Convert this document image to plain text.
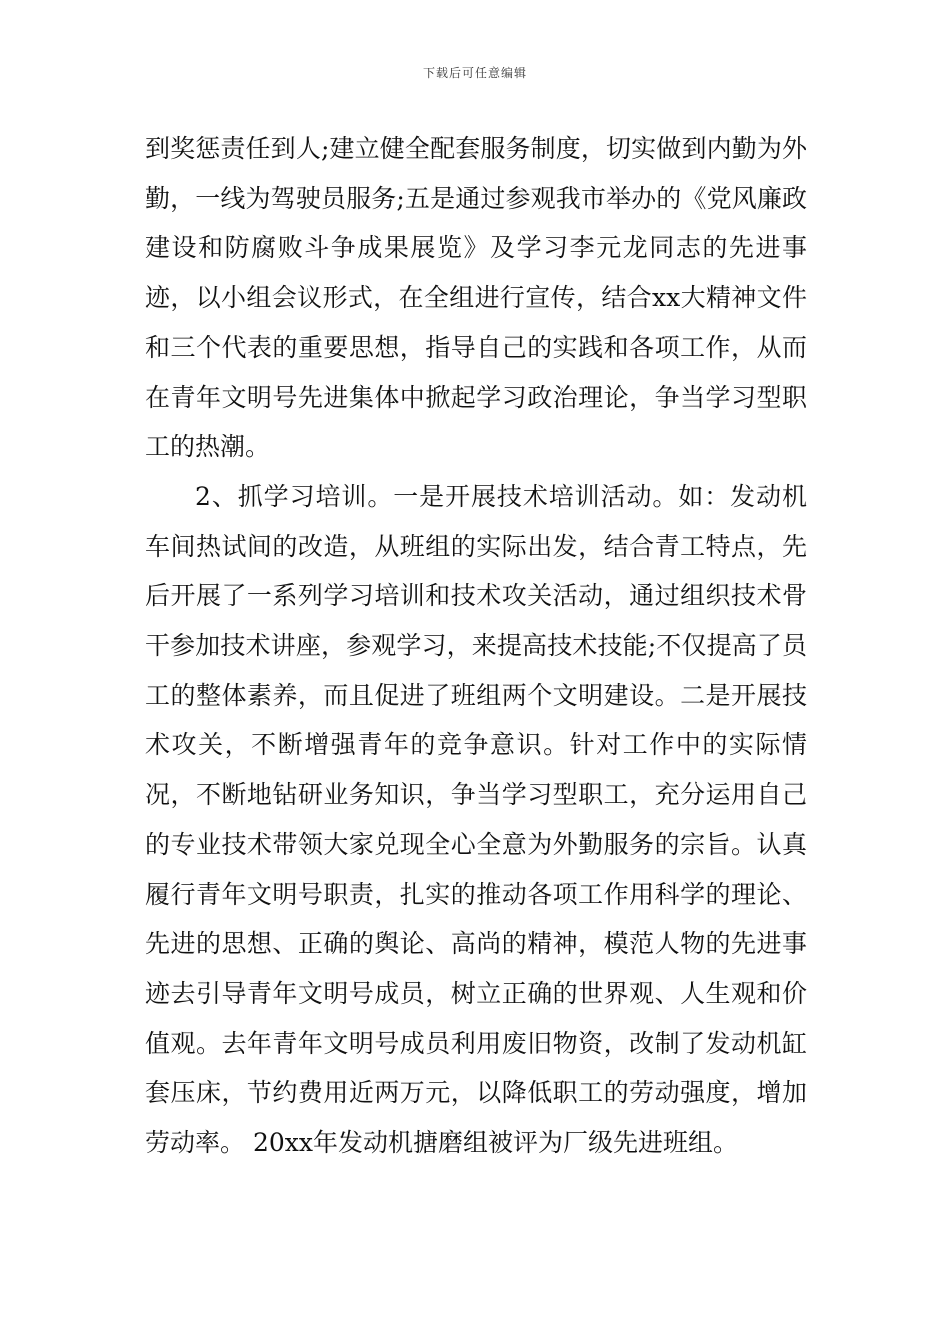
下载后可任意编辑

到奖惩责任到人;建立健全配套服务制度，切实做到内勤为外勤，一线为驾驶员服务;五是通过参观我市举办的《党风廉政建设和防腐败斗争成果展览》及学习李元龙同志的先进事迹，以小组会议形式，在全组进行宣传，结合xx大精神文件和三个代表的重要思想，指导自己的实践和各项工作，从而在青年文明号先进集体中掀起学习政治理论，争当学习型职工的热潮。

2、抓学习培训。一是开展技术培训活动。如：发动机车间热试间的改造，从班组的实际出发，结合青工特点，先后开展了一系列学习培训和技术攻关活动，通过组织技术骨干参加技术讲座，参观学习，来提高技术技能;不仅提高了员工的整体素养，而且促进了班组两个文明建设。二是开展技术攻关，不断增强青年的竞争意识。针对工作中的实际情况，不断地钻研业务知识，争当学习型职工，充分运用自己的专业技术带领大家兑现全心全意为外勤服务的宗旨。认真履行青年文明号职责，扎实的推动各项工作用科学的理论、先进的思想、正确的舆论、高尚的精神，模范人物的先进事迹去引导青年文明号成员，树立正确的世界观、人生观和价值观。去年青年文明号成员利用废旧物资，改制了发动机缸套压床，节约费用近两万元，以降低职工的劳动强度，增加劳动率。 20xx年发动机搪磨组被评为厂级先进班组。
